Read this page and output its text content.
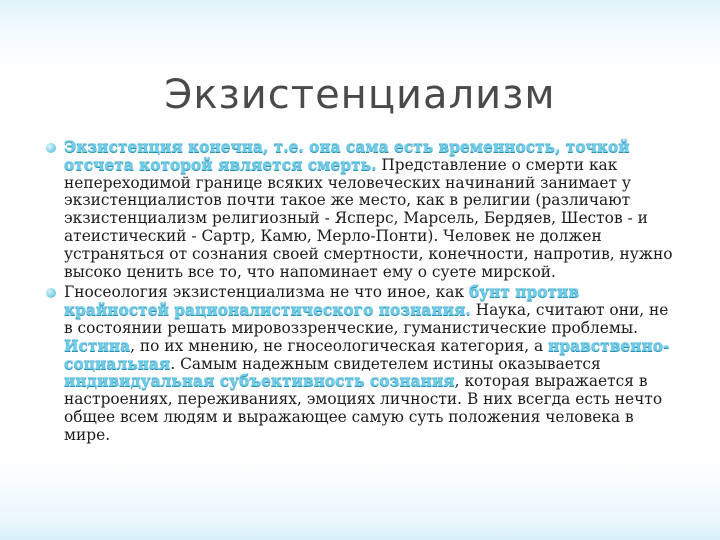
Экзистенциализм
Экзистенция конечна, т.е. она сама есть временность, точкой отсчета которой является смерть. Представление о смерти как непереходимой границе всяких человеческих начинаний занимает у экзистенциалистов почти такое же место, как в религии (различают экзистенциализм религиозный - Ясперс, Марсель, Бердяев, Шестов - и атеистический - Сартр, Камю, Мерло-Понти). Человек не должен устраняться от сознания своей смертности, конечности, напротив, нужно высоко ценить все то, что напоминает ему о суете мирской.
Гносеология экзистенциализма не что иное, как бунт против крайностей рационалистического познания. Наука, считают они, не в состоянии решать мировоззренческие, гуманистические проблемы. Истина, по их мнению, не гносеологическая категория, а нравственно-социальная. Самым надежным свидетелем истины оказывается индивидуальная субъективность сознания, которая выражается в настроениях, переживаниях, эмоциях личности. В них всегда есть нечто общее всем людям и выражающее самую суть положения человека в мире.
